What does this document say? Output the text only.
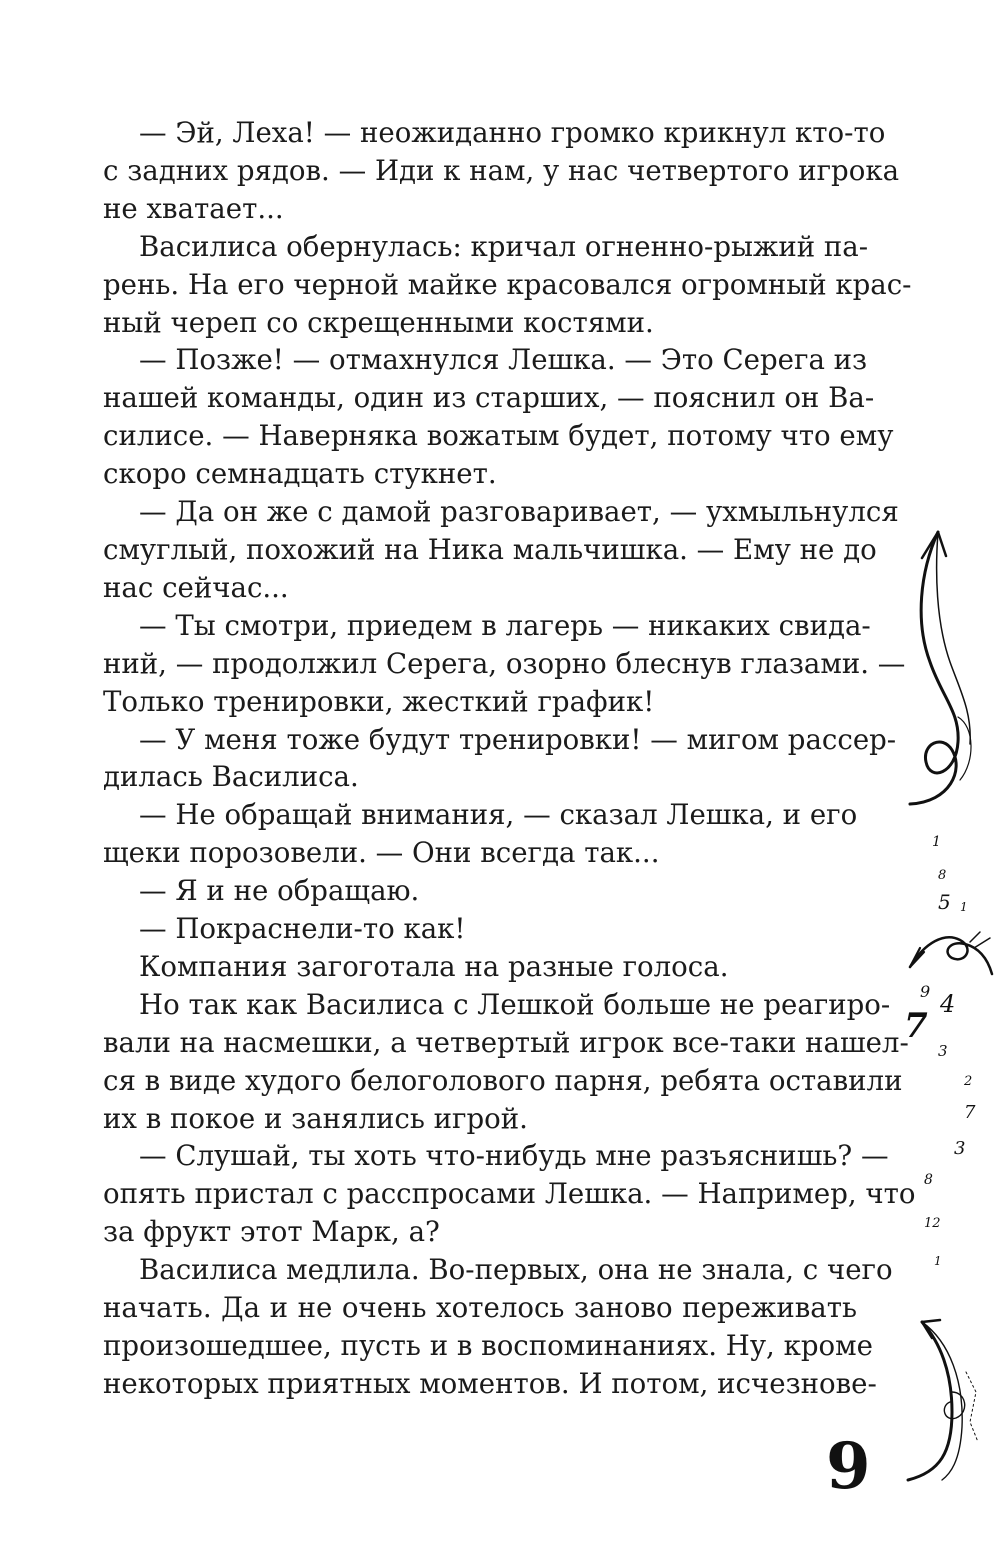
— Эй, Леха! — неожиданно громко крикнул кто-то
с задних рядов. — Иди к нам, у нас четвертого игрока
не хватает...
Василиса обернулась: кричал огненно-рыжий па-
рень. На его черной майке красовался огромный крас-
ный череп со скрещенными костями.
— Позже! — отмахнулся Лешка. — Это Серега из
нашей команды, один из старших, — пояснил он Ва-
силисе. — Наверняка вожатым будет, потому что ему
скоро семнадцать стукнет.
— Да он же с дамой разговаривает, — ухмыльнулся
смуглый, похожий на Ника мальчишка. — Ему не до
нас сейчас...
— Ты смотри, приедем в лагерь — никаких свида-
ний, — продолжил Серега, озорно блеснув глазами. —
Только тренировки, жесткий график!
— У меня тоже будут тренировки! — мигом рассер-
дилась Василиса.
— Не обращай внимания, — сказал Лешка, и его
щеки порозовели. — Они всегда так...
— Я и не обращаю.
— Покраснели-то как!
Компания загоготала на разные голоса.
Но так как Василиса с Лешкой больше не реагиро-
вали на насмешки, а четвертый игрок все-таки нашел-
ся в виде худого белоголового парня, ребята оставили
их в покое и занялись игрой.
— Слушай, ты хоть что-нибудь мне разъяснишь? —
опять пристал с расспросами Лешка. — Например, что
за фрукт этот Марк, а?
Василиса медлила. Во-первых, она не знала, с чего
начать. Да и не очень хотелось заново переживать
произошедшее, пусть и в воспоминаниях. Ну, кроме
некоторых приятных моментов. И потом, исчезнове-
1
8
5 1
9 4
7
3
2
7
3
8
12
1
9
